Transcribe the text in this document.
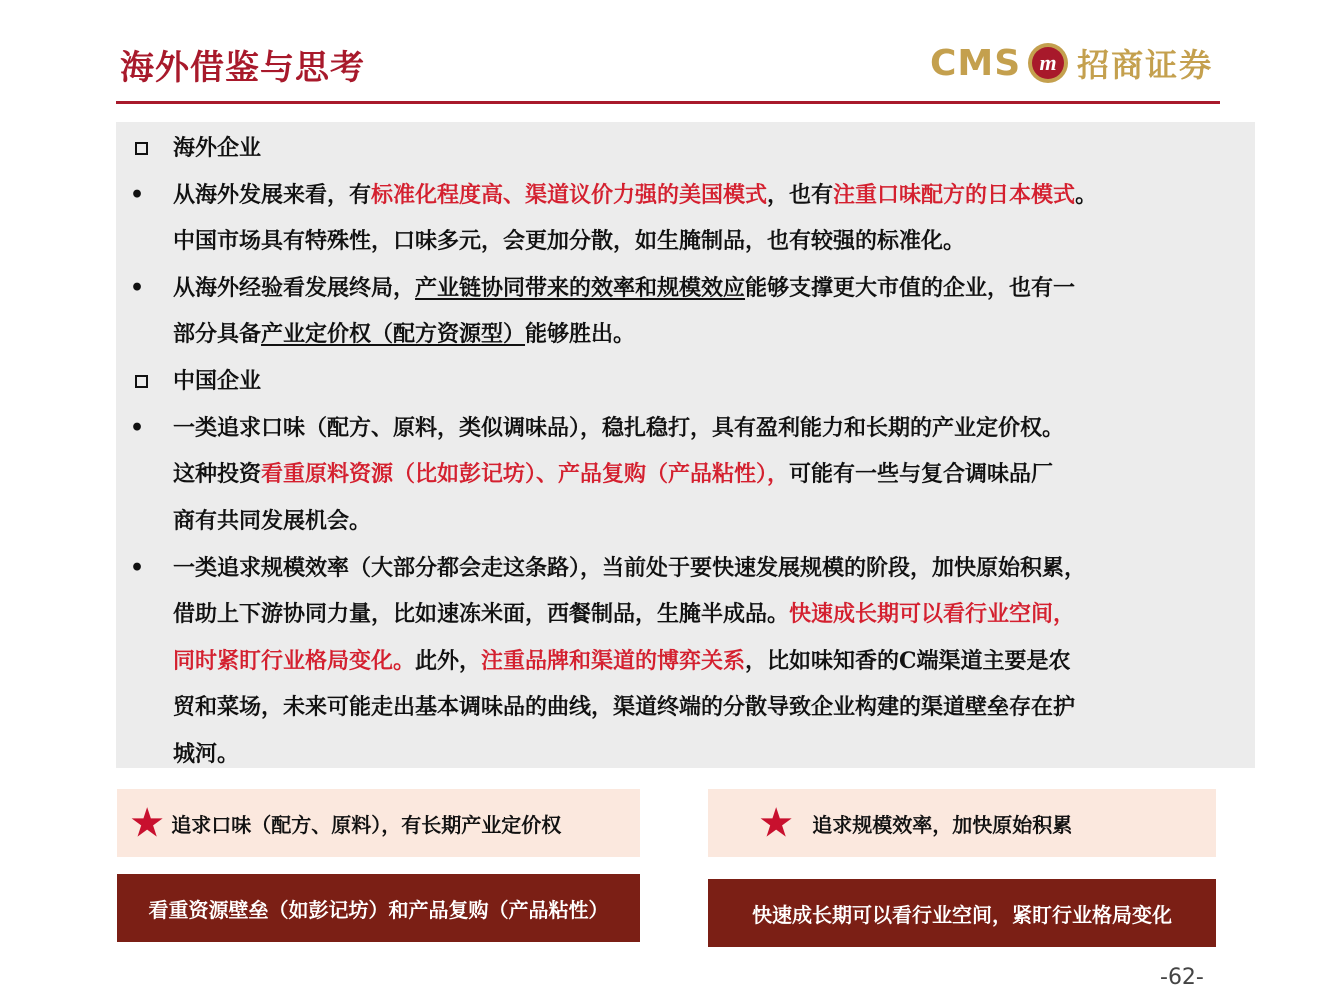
海外借鉴与思考	CMS m 招商证券
海外企业
• 从海外发展来看，有标准化程度高、渠道议价力强的美国模式，也有注重口味配方的日本模式。
中国市场具有特殊性，口味多元，会更加分散，如生腌制品，也有较强的标准化。
• 从海外经验看发展终局，产业链协同带来的效率和规模效应能够支撑更大市值的企业，也有一
部分具备产业定价权（配方资源型）能够胜出。
中国企业
• 一类追求口味（配方、原料，类似调味品），稳扎稳打，具有盈利能力和长期的产业定价权。
这种投资看重原料资源（比如彭记坊）、产品复购（产品粘性），可能有一些与复合调味品厂
商有共同发展机会。
• 一类追求规模效率（大部分都会走这条路），当前处于要快速发展规模的阶段，加快原始积累，
借助上下游协同力量，比如速冻米面，西餐制品，生腌半成品。快速成长期可以看行业空间，
同时紧盯行业格局变化。此外，注重品牌和渠道的博弈关系，比如味知香的C端渠道主要是农
贸和菜场，未来可能走出基本调味品的曲线，渠道终端的分散导致企业构建的渠道壁垒存在护
城河。
★ 追求口味（配方、原料），有长期产业定价权	★ 追求规模效率，加快原始积累
看重资源壁垒（如彭记坊）和产品复购（产品粘性）	快速成长期可以看行业空间，紧盯行业格局变化
-62-
